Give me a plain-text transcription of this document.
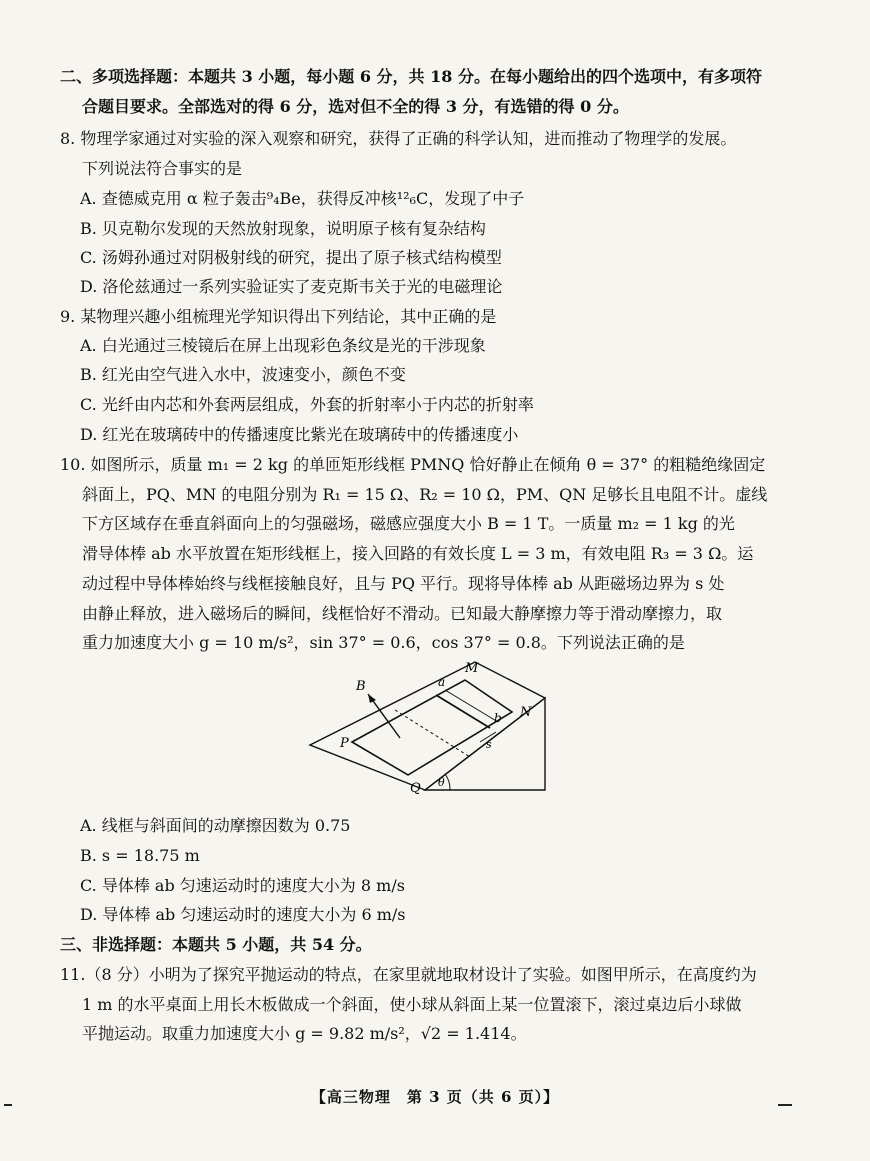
二、多项选择题：本题共 3 小题，每小题 6 分，共 18 分。在每小题给出的四个选项中，有多项符
合题目要求。全部选对的得 6 分，选对但不全的得 3 分，有选错的得 0 分。
8. 物理学家通过对实验的深入观察和研究，获得了正确的科学认知，进而推动了物理学的发展。
下列说法符合事实的是
A. 查德威克用 α 粒子轰击⁹₄Be，获得反冲核¹²₆C，发现了中子
B. 贝克勒尔发现的天然放射现象，说明原子核有复杂结构
C. 汤姆孙通过对阴极射线的研究，提出了原子核式结构模型
D. 洛伦兹通过一系列实验证实了麦克斯韦关于光的电磁理论
9. 某物理兴趣小组梳理光学知识得出下列结论，其中正确的是
A. 白光通过三棱镜后在屏上出现彩色条纹是光的干涉现象
B. 红光由空气进入水中，波速变小，颜色不变
C. 光纤由内芯和外套两层组成，外套的折射率小于内芯的折射率
D. 红光在玻璃砖中的传播速度比紫光在玻璃砖中的传播速度小
10. 如图所示，质量 m₁ = 2 kg 的单匝矩形线框 PMNQ 恰好静止在倾角 θ = 37° 的粗糙绝缘固定
斜面上，PQ、MN 的电阻分别为 R₁ = 15 Ω、R₂ = 10 Ω，PM、QN 足够长且电阻不计。虚线
下方区域存在垂直斜面向上的匀强磁场，磁感应强度大小 B = 1 T。一质量 m₂ = 1 kg 的光
滑导体棒 ab 水平放置在矩形线框上，接入回路的有效长度 L = 3 m，有效电阻 R₃ = 3 Ω。运
动过程中导体棒始终与线框接触良好，且与 PQ 平行。现将导体棒 ab 从距磁场边界为 s 处
由静止释放，进入磁场后的瞬间，线框恰好不滑动。已知最大静摩擦力等于滑动摩擦力，取
重力加速度大小 g = 10 m/s²，sin 37° = 0.6，cos 37° = 0.8。下列说法正确的是
B
M
a
b N
P
Q
s
θ
A. 线框与斜面间的动摩擦因数为 0.75
B. s = 18.75 m
C. 导体棒 ab 匀速运动时的速度大小为 8 m/s
D. 导体棒 ab 匀速运动时的速度大小为 6 m/s
三、非选择题：本题共 5 小题，共 54 分。
11.（8 分）小明为了探究平抛运动的特点，在家里就地取材设计了实验。如图甲所示，在高度约为
1 m 的水平桌面上用长木板做成一个斜面，使小球从斜面上某一位置滚下，滚过桌边后小球做
平抛运动。取重力加速度大小 g = 9.82 m/s²，√2 = 1.414。
【高三物理　第 3 页（共 6 页）】
